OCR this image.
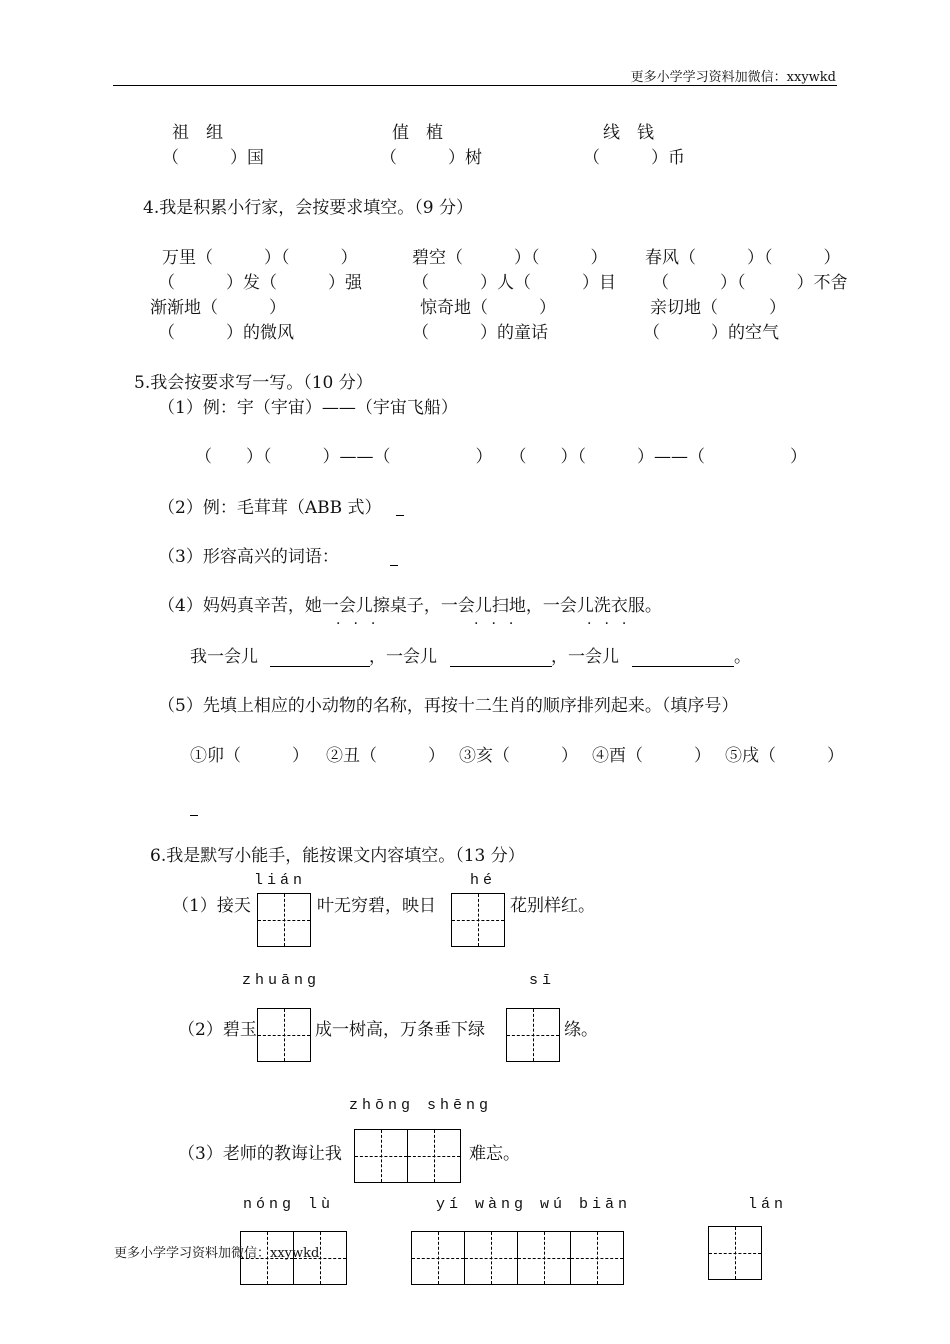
更多小学学习资料加微信：xxywkd
祖　组	值　植	线　钱
（　　　）国	（　　　）树	（　　　）币
4.我是积累小行家，会按要求填空。（9 分）
万里（　　　）（　　　）	碧空（　　　）（　　　） 春风（　　　）（　　　）
（　　　）发（　　　）强	（　　　）人（　　　）目 （　　　）（　　　）不舍
渐渐地（　　　）	惊奇地（　　　）	亲切地（　　　）
（　　　）的微风	（　　　）的童话	（　　　）的空气
5.我会按要求写一写。（10 分）
（1）例：宇（宇宙）——（宇宙飞船）
（　　）（　　　）——（　　　　　）　　（　　）（　　　）——（　　　　　）
（2）例：毛茸茸（ABB 式）
（3）形容高兴的词语：
（4）妈妈真辛苦，她一会儿擦桌子，一会儿扫地，一会儿洗衣服。
...	...	...
我一会儿	，一会儿	，一会儿	。
（5）先填上相应的小动物的名称，再按十二生肖的顺序排列起来。（填序号）
①卯（　　　） ②丑（　　　） ③亥（　　　） ④酉（　　　） ⑤戌（　　　）
6.我是默写小能手，能按课文内容填空。（13 分）
lián	hé
（1）接天	叶无穷碧，映日	花别样红。
zhuāng	sī
（2）碧玉	成一树高，万条垂下绿	绦。
zhōng shēng
（3）老师的教诲让我	难忘。
nóng lù	yí wàng wú biān	lán
更多小学学习资料加微信：xxywkd
